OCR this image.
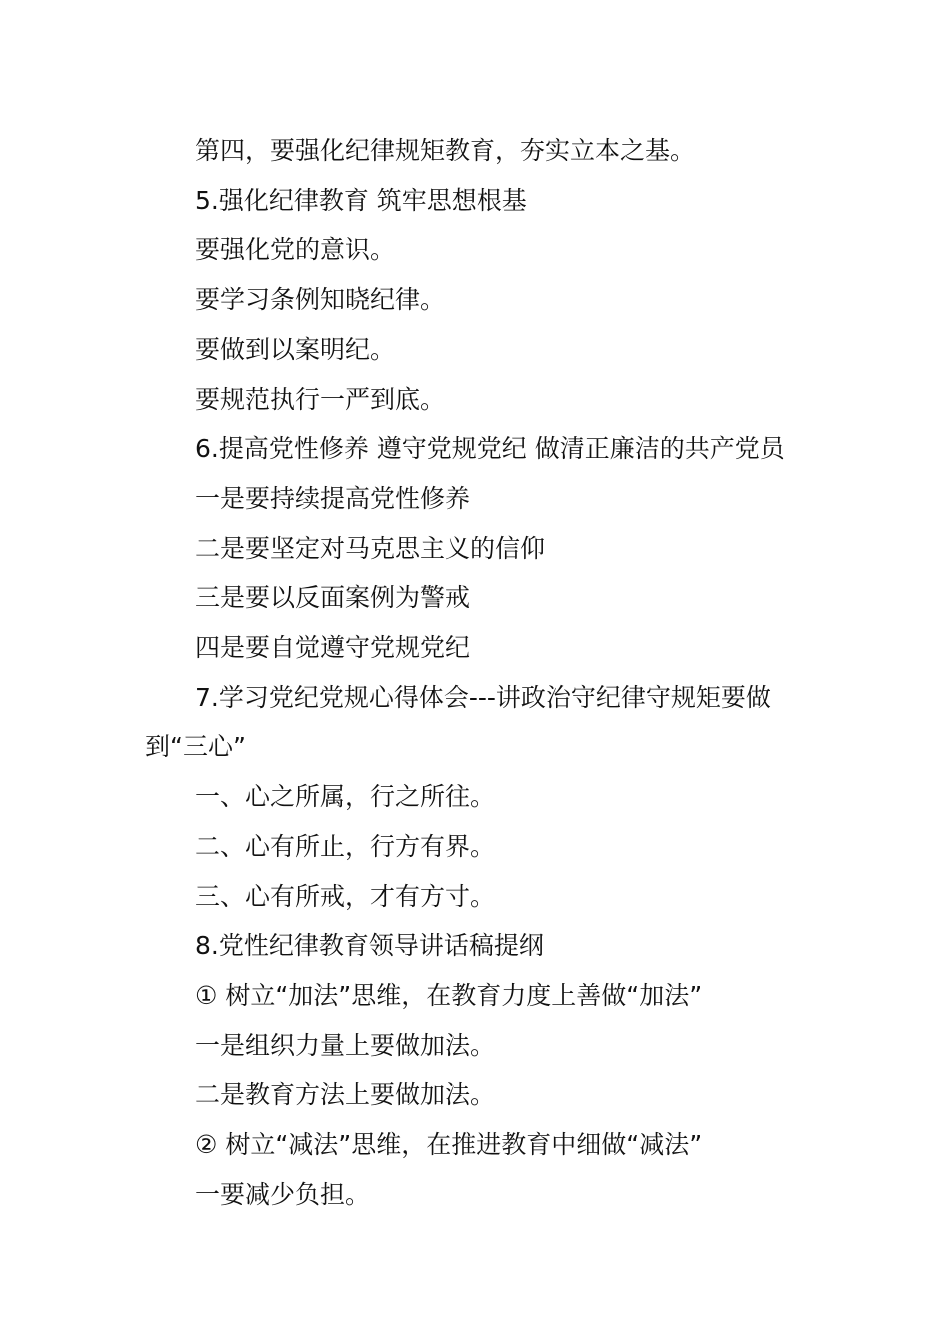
第四，要强化纪律规矩教育，夯实立本之基。

5.强化纪律教育 筑牢思想根基

要强化党的意识。

要学习条例知晓纪律。

要做到以案明纪。

要规范执行一严到底。

6.提高党性修养 遵守党规党纪 做清正廉洁的共产党员

一是要持续提高党性修养

二是要坚定对马克思主义的信仰

三是要以反面案例为警戒

四是要自觉遵守党规党纪

7.学习党纪党规心得体会---讲政治守纪律守规矩要做到“三心”

一、心之所属，行之所往。

二、心有所止，行方有界。

三、心有所戒，才有方寸。

8.党性纪律教育领导讲话稿提纲

① 树立“加法”思维，在教育力度上善做“加法”

一是组织力量上要做加法。

二是教育方法上要做加法。

② 树立“减法”思维，在推进教育中细做“减法”

一要减少负担。
